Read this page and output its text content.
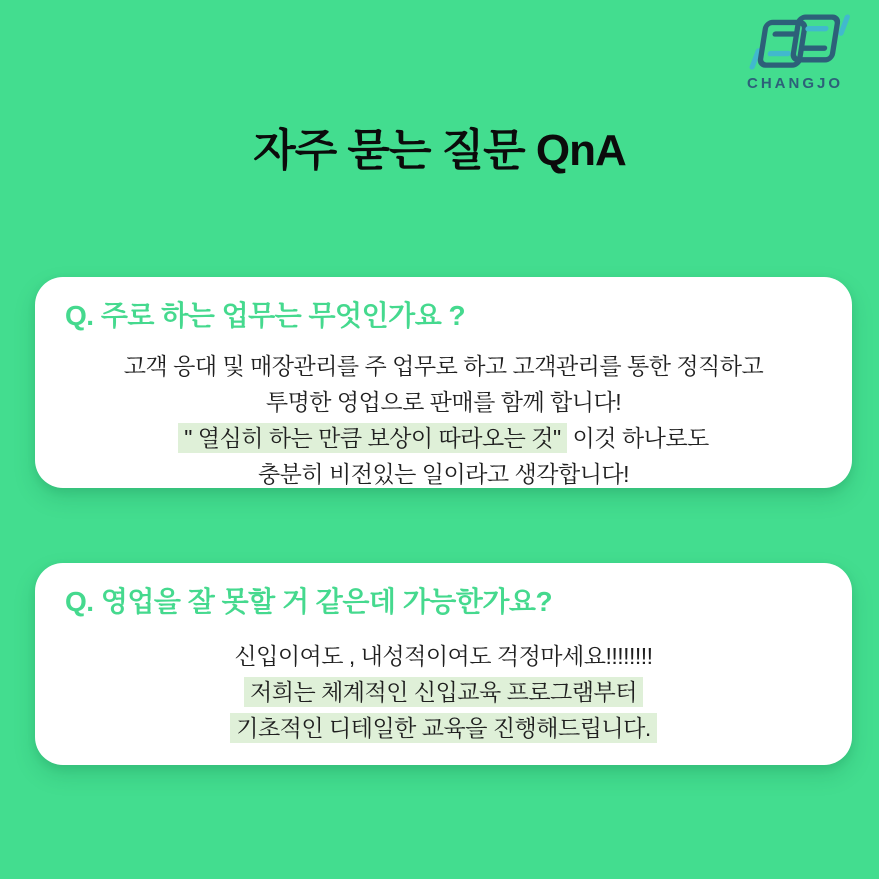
CHANGJO
자주 묻는 질문 QnA
Q. 주로 하는 업무는 무엇인가요 ?
고객 응대 및 매장관리를 주 업무로 하고 고객관리를 통한 정직하고
투명한 영업으로 판매를 함께 합니다!
" 열심히 하는 만큼 보상이 따라오는 것" 이것 하나로도
충분히 비전있는 일이라고 생각합니다!
Q. 영업을 잘 못할 거 같은데 가능한가요?
신입이여도 , 내성적이여도 걱정마세요!!!!!!!!
저희는 체계적인 신입교육 프로그램부터
기초적인 디테일한 교육을 진행해드립니다.
